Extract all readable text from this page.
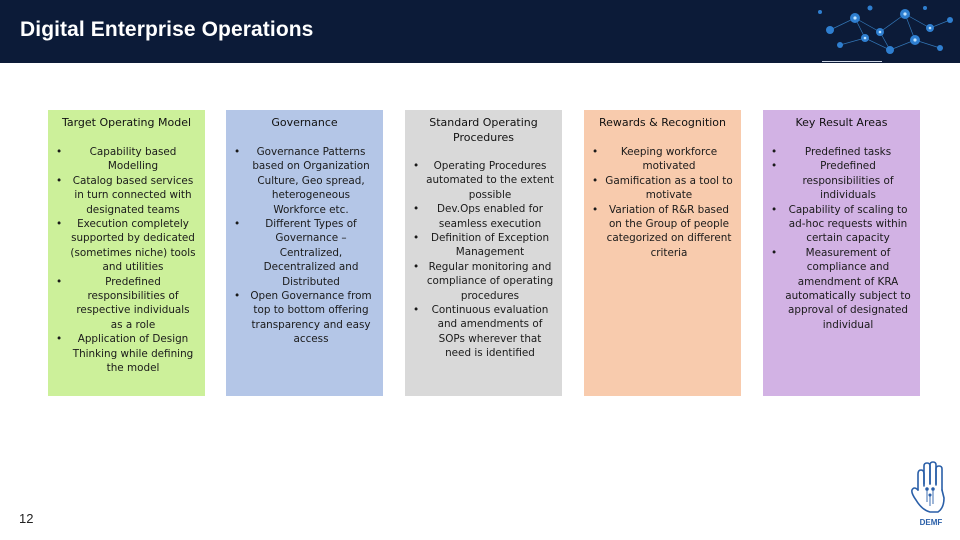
Digital Enterprise Operations
Target Operating Model
• Capability based Modelling
• Catalog based services in turn connected with designated teams
• Execution completely supported by dedicated (sometimes niche) tools and utilities
• Predefined responsibilities of respective individuals as a role
• Application of Design Thinking while defining the model
Governance
• Governance Patterns based on Organization Culture, Geo spread, heterogeneous Workforce etc.
• Different Types of Governance – Centralized, Decentralized and Distributed
• Open Governance from top to bottom offering transparency and easy access
Standard Operating Procedures
• Operating Procedures automated to the extent possible
• Dev.Ops enabled for seamless execution
• Definition of Exception Management
• Regular monitoring and compliance of operating procedures
• Continuous evaluation and amendments of SOPs wherever that need is identified
Rewards & Recognition
• Keeping workforce motivated
• Gamification as a tool to motivate
• Variation of R&R based on the Group of people categorized on different criteria
Key Result Areas
• Predefined tasks
• Predefined responsibilities of individuals
• Capability of scaling to ad-hoc requests within certain capacity
• Measurement of compliance and amendment of KRA automatically subject to approval of designated individual
12	DEMF
